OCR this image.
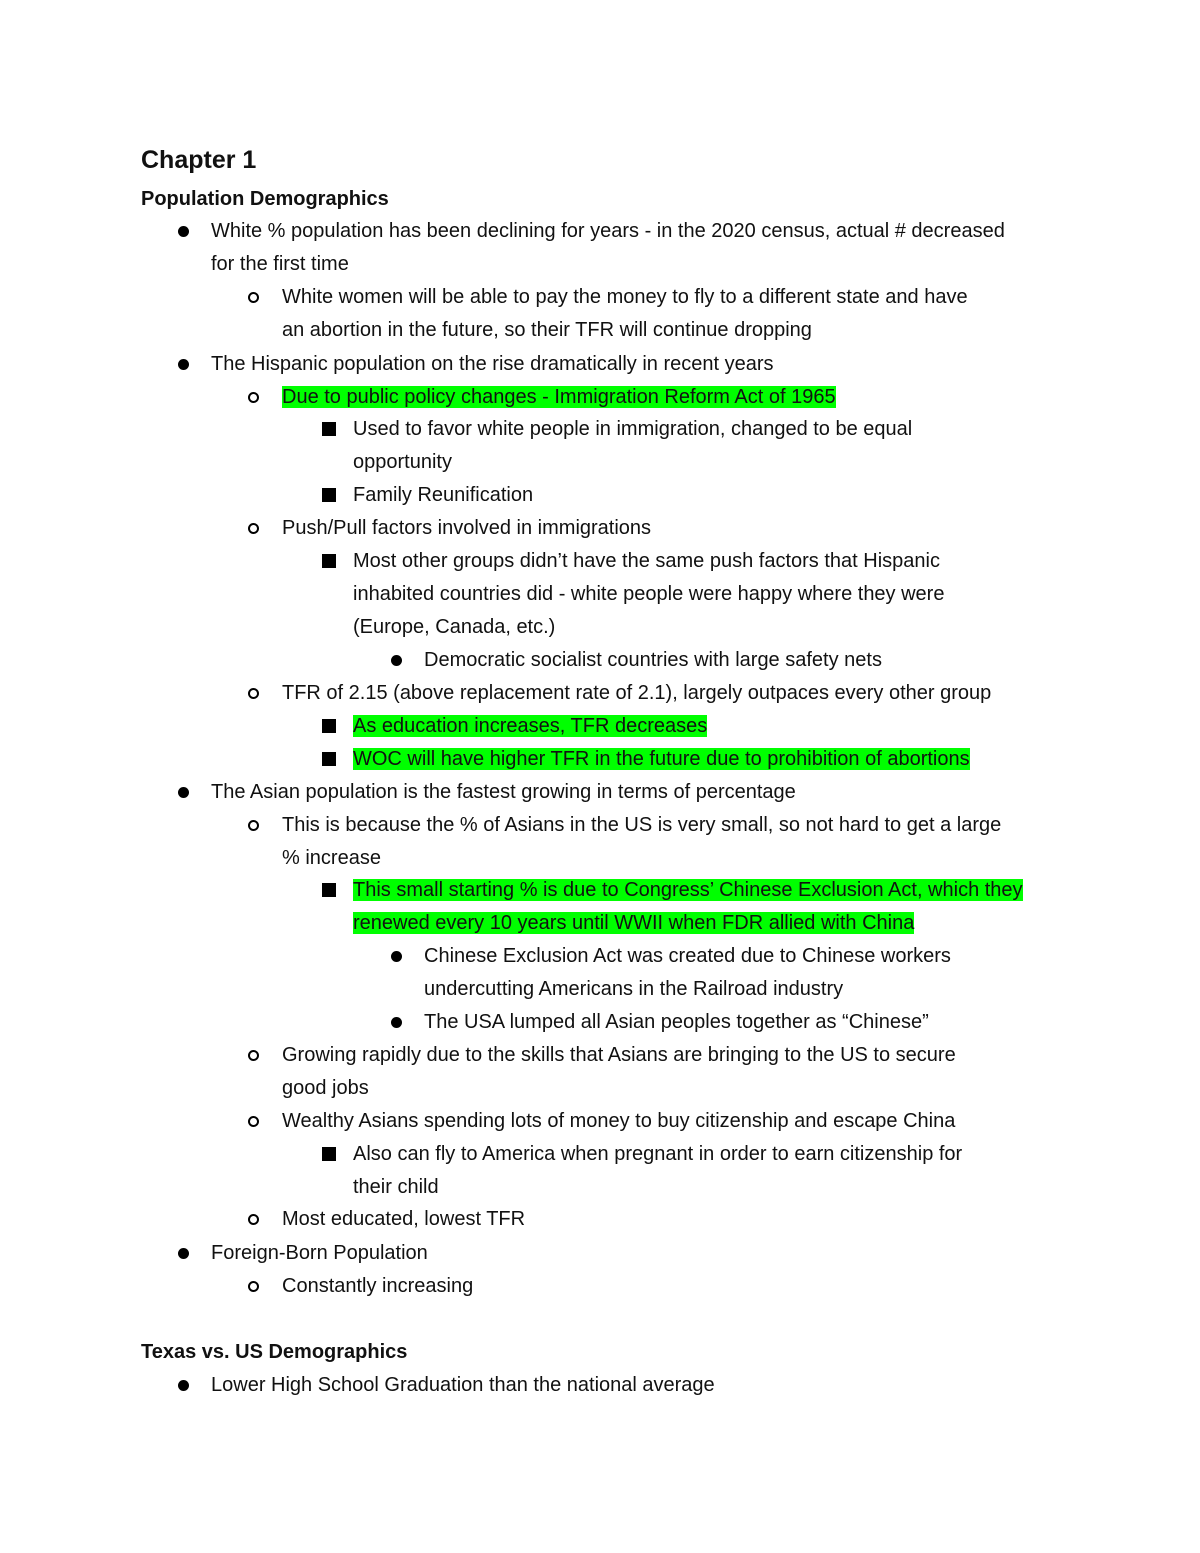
Chapter 1
Population Demographics
Texas vs. US Demographics
White % population has been declining for years - in the 2020 census, actual # decreased
for the first time
White women will be able to pay the money to fly to a different state and have
an abortion in the future, so their TFR will continue dropping
The Hispanic population on the rise dramatically in recent years
Due to public policy changes - Immigration Reform Act of 1965
Used to favor white people in immigration, changed to be equal
opportunity
Family Reunification
Push/Pull factors involved in immigrations
Most other groups didn’t have the same push factors that Hispanic
inhabited countries did - white people were happy where they were
(Europe, Canada, etc.)
Democratic socialist countries with large safety nets
TFR of 2.15 (above replacement rate of 2.1), largely outpaces every other group
As education increases, TFR decreases
WOC will have higher TFR in the future due to prohibition of abortions
The Asian population is the fastest growing in terms of percentage
This is because the % of Asians in the US is very small, so not hard to get a large
% increase
This small starting % is due to Congress’ Chinese Exclusion Act, which they
renewed every 10 years until WWII when FDR allied with China
Chinese Exclusion Act was created due to Chinese workers
undercutting Americans in the Railroad industry
The USA lumped all Asian peoples together as “Chinese”
Growing rapidly due to the skills that Asians are bringing to the US to secure
good jobs
Wealthy Asians spending lots of money to buy citizenship and escape China
Also can fly to America when pregnant in order to earn citizenship for
their child
Most educated, lowest TFR
Foreign-Born Population
Constantly increasing
Lower High School Graduation than the national average
